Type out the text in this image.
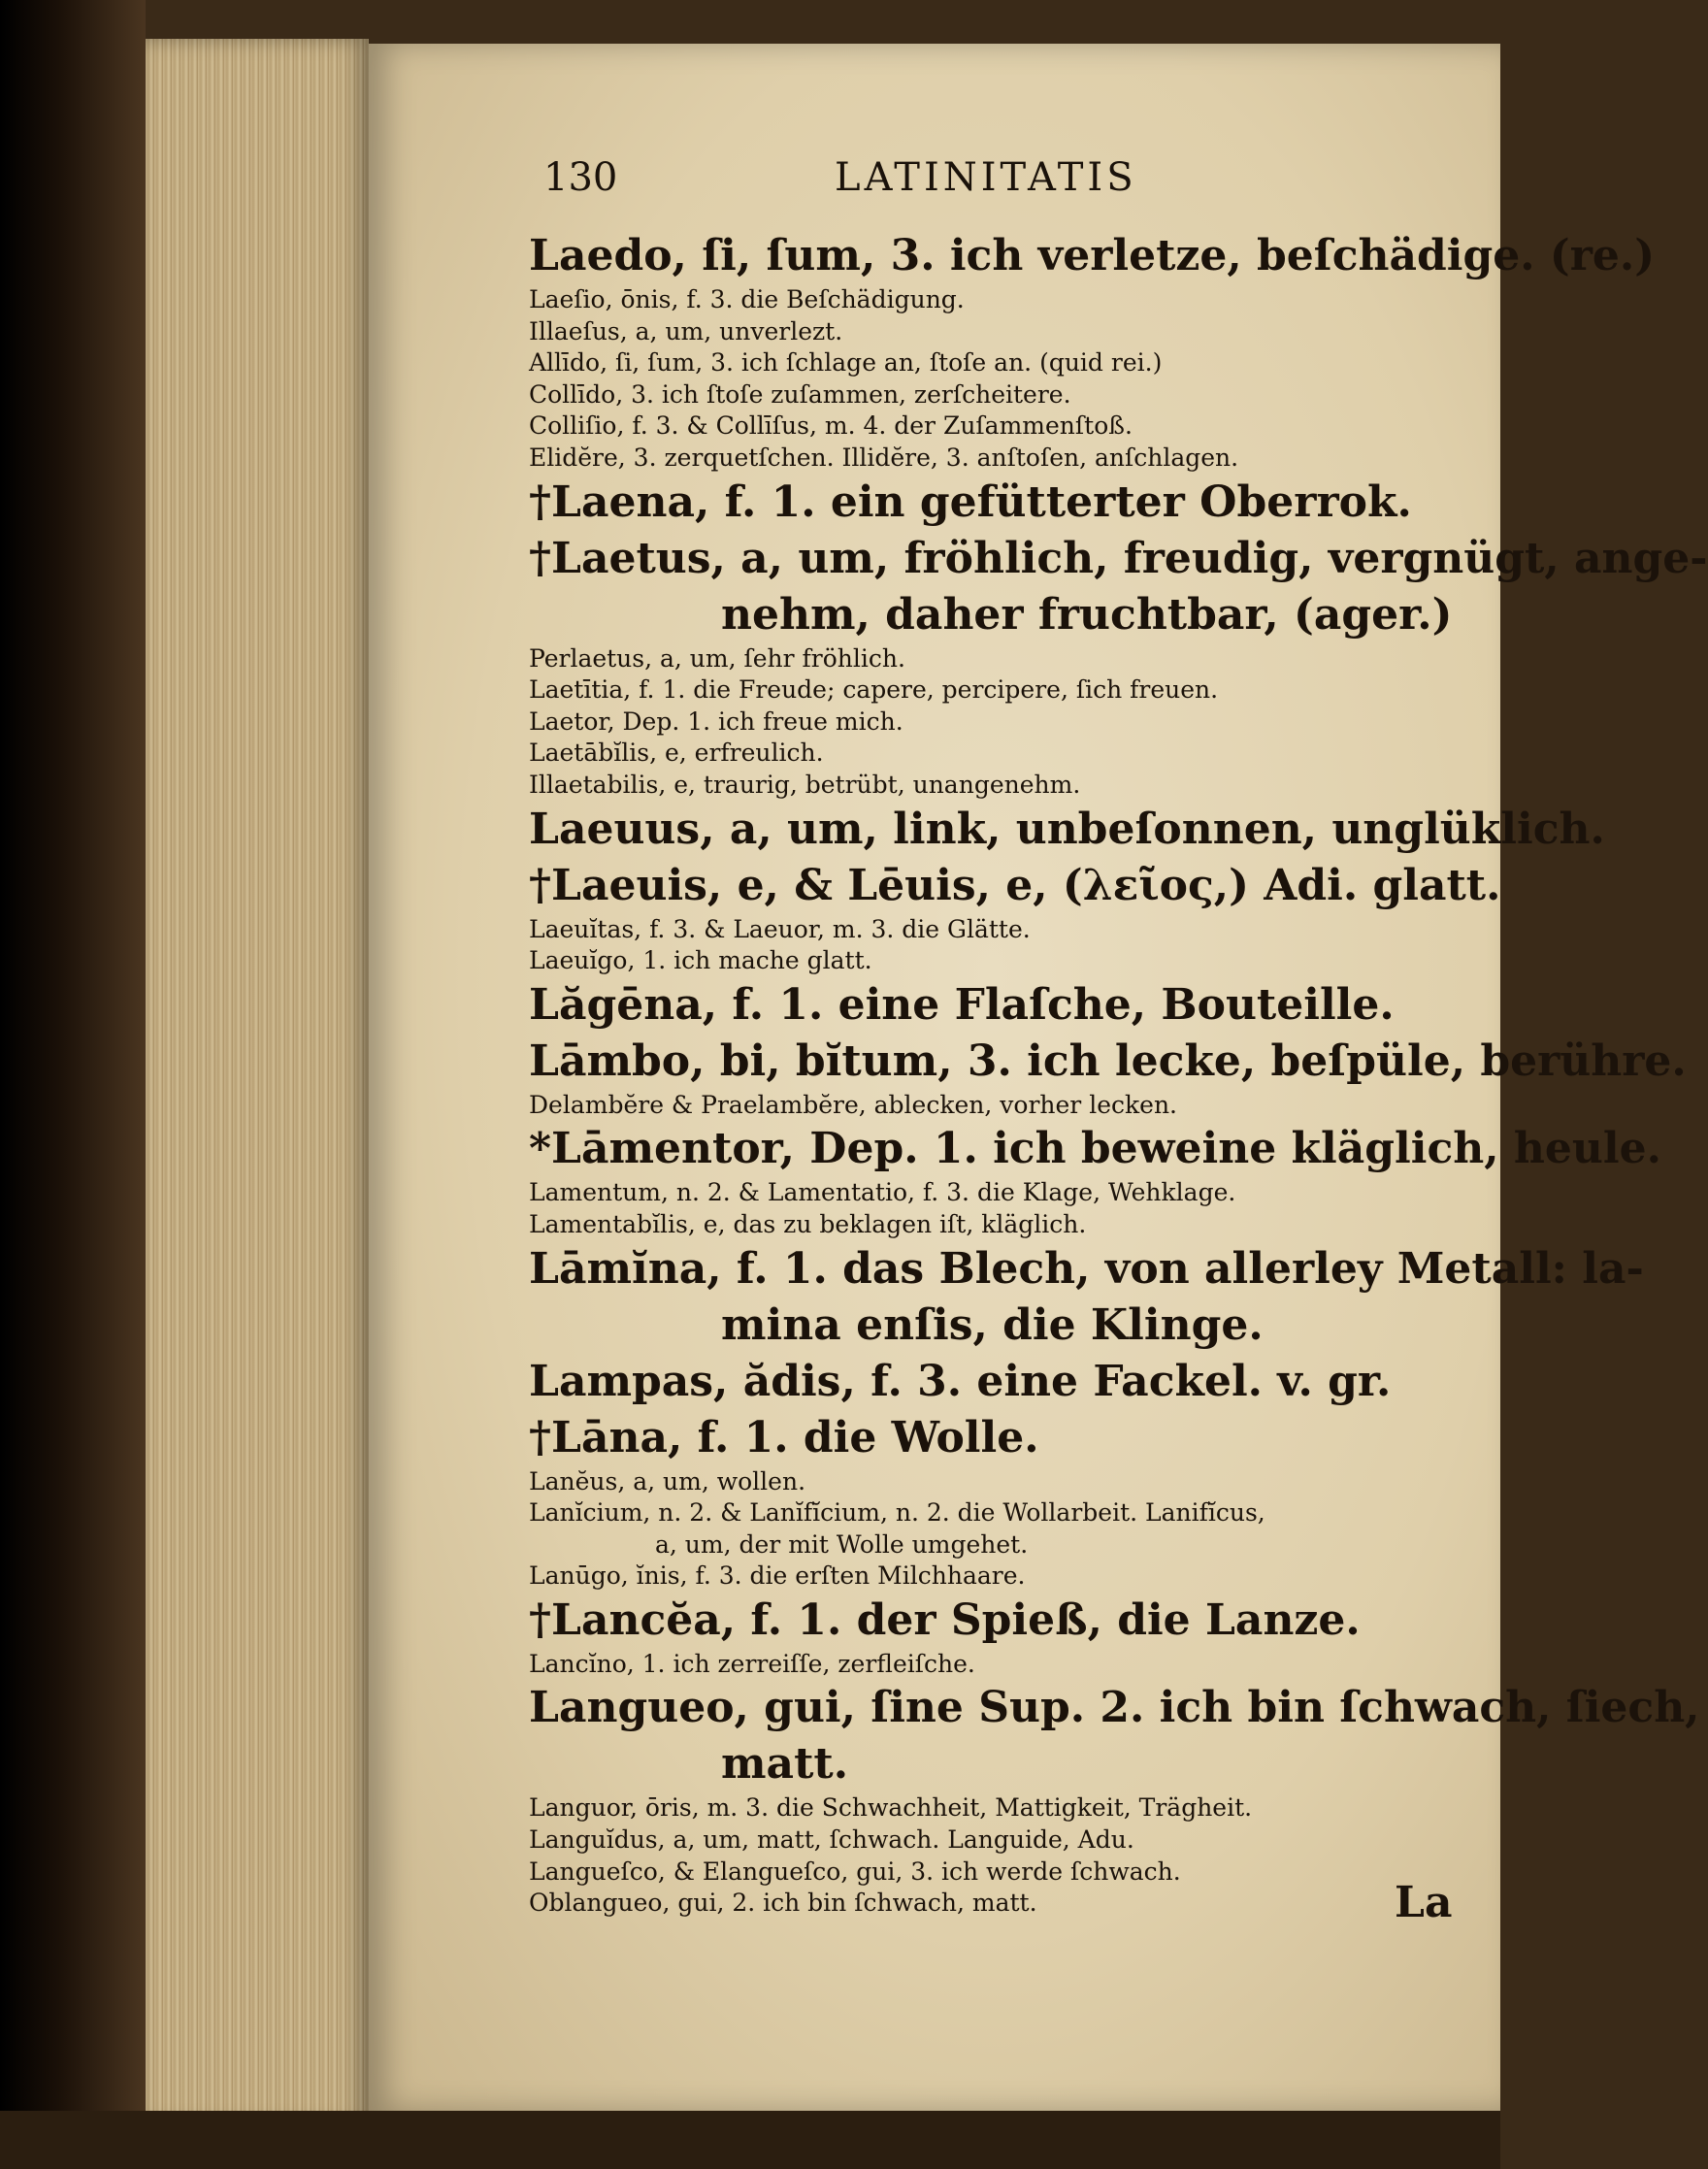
130	LATINITATIS
Laedo, ſi, ſum, 3. ich verletze, beſchädige. (re.)
Laeſio, ōnis, f. 3. die Beſchädigung.
Illaeſus, a, um, unverlezt.
Allīdo, ſi, ſum, 3. ich ſchlage an, ſtoſe an. (quid rei.)
Collīdo, 3. ich ſtoſe zuſammen, zerſcheitere.
Colliſio, f. 3. & Collīſus, m. 4. der Zuſammenſtoß.
Elidĕre, 3. zerquetſchen. Illidĕre, 3. anſtoſen, anſchlagen.
†Laena, f. 1. ein gefütterter Oberrok.
†Laetus, a, um, fröhlich, freudig, vergnügt, ange-
nehm, daher fruchtbar, (ager.)
Perlaetus, a, um, ſehr fröhlich.
Laetītia, f. 1. die Freude; capere, percipere, ſich freuen.
Laetor, Dep. 1. ich freue mich.
Laetābĭlis, e, erfreulich.
Illaetabilis, e, traurig, betrübt, unangenehm.
Laeuus, a, um, link, unbeſonnen, unglüklich.
†Laeuis, e, & Lēuis, e, (λεῖος,) Adi. glatt.
Laeuĭtas, f. 3. & Laeuor, m. 3. die Glätte.
Laeuĭgo, 1. ich mache glatt.
Lăgēna, f. 1. eine Flaſche, Bouteille.
Lāmbo, bi, bĭtum, 3. ich lecke, beſpüle, berühre.
Delambĕre & Praelambĕre, ablecken, vorher lecken.
*Lāmentor, Dep. 1. ich beweine kläglich, heule.
Lamentum, n. 2. & Lamentatio, f. 3. die Klage, Wehklage.
Lamentabĭlis, e, das zu beklagen iſt, kläglich.
Lāmĭna, f. 1. das Blech, von allerley Metall: la-
mina enſis, die Klinge.
Lampas, ădis, f. 3. eine Fackel. v. gr.
†Lāna, f. 1. die Wolle.
Lanĕus, a, um, wollen.
Lanĭcium, n. 2. & Lanĭfĭcium, n. 2. die Wollarbeit. Lanifĭcus,
a, um, der mit Wolle umgehet.
Lanūgo, ĭnis, f. 3. die erſten Milchhaare.
†Lancĕa, f. 1. der Spieß, die Lanze.
Lancĭno, 1. ich zerreiſſe, zerfleiſche.
Langueo, gui, ſine Sup. 2. ich bin ſchwach, ſiech,
matt.
Languor, ōris, m. 3. die Schwachheit, Mattigkeit, Trägheit.
Languĭdus, a, um, matt, ſchwach. Languide, Adu.
Langueſco, & Elangueſco, gui, 3. ich werde ſchwach.
Oblangueo, gui, 2. ich bin ſchwach, matt.	La
